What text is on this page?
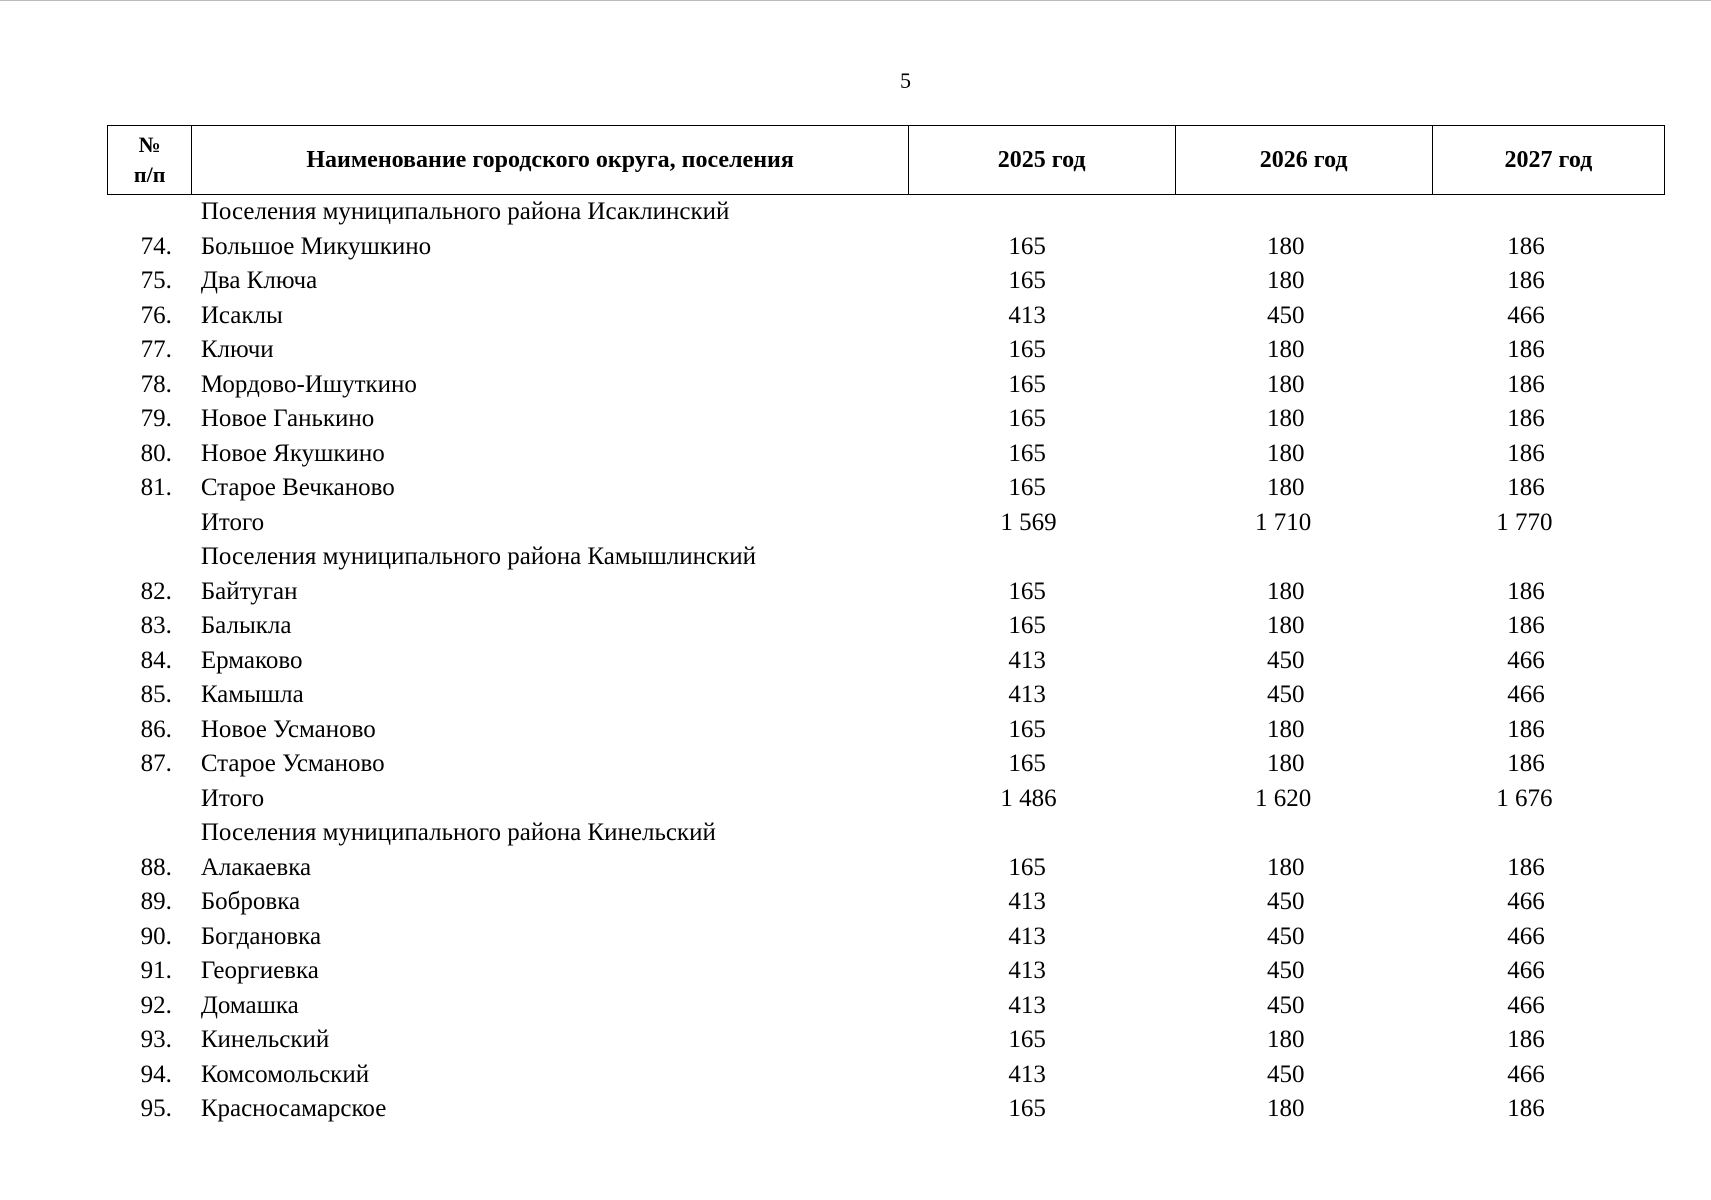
5
№
п/п	Наименование городского округа, поселения	2025 год	2026 год	2027 год
	Поселения муниципального района Исаклинский			
74.	Большое Микушкино	165	180	186
75.	Два Ключа	165	180	186
76.	Исаклы	413	450	466
77.	Ключи	165	180	186
78.	Мордово-Ишуткино	165	180	186
79.	Новое Ганькино	165	180	186
80.	Новое Якушкино	165	180	186
81.	Старое Вечканово	165	180	186
	Итого	1 569	1 710	1 770
	Поселения муниципального района Камышлинский			
82.	Байтуган	165	180	186
83.	Балыкла	165	180	186
84.	Ермаково	413	450	466
85.	Камышла	413	450	466
86.	Новое Усманово	165	180	186
87.	Старое Усманово	165	180	186
	Итого	1 486	1 620	1 676
	Поселения муниципального района Кинельский			
88.	Алакаевка	165	180	186
89.	Бобровка	413	450	466
90.	Богдановка	413	450	466
91.	Георгиевка	413	450	466
92.	Домашка	413	450	466
93.	Кинельский	165	180	186
94.	Комсомольский	413	450	466
95.	Красносамарское	165	180	186
